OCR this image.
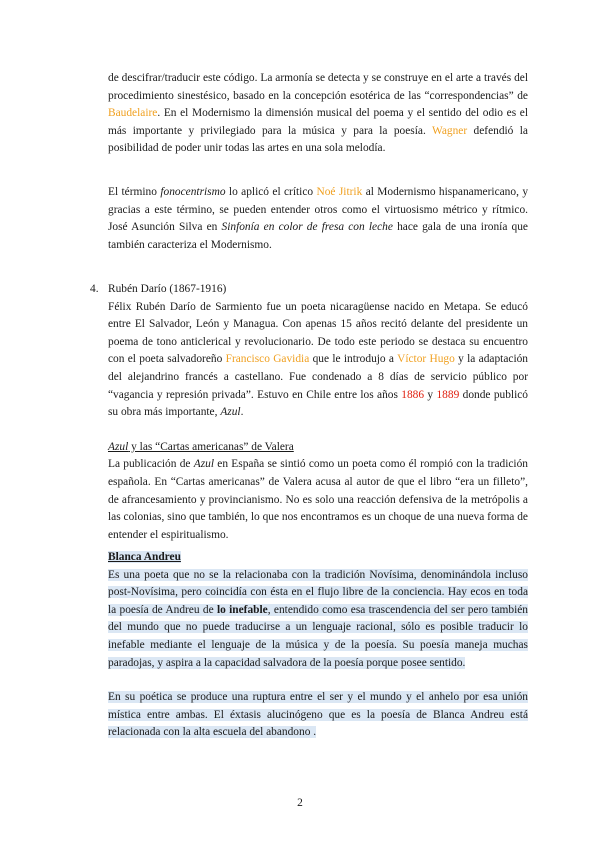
de descifrar/traducir este código. La armonía se detecta y se construye en el arte a través del procedimiento sinestésico, basado en la concepción esotérica de las “correspondencias” de Baudelaire. En el Modernismo la dimensión musical del poema y el sentido del odio es el más importante y privilegiado para la música y para la poesía. Wagner defendió la posibilidad de poder unir todas las artes en una sola melodía.

El término fonocentrismo lo aplicó el crítico Noé Jitrik al Modernismo hispanamericano, y gracias a este término, se pueden entender otros como el virtuosismo métrico y rítmico. José Asunción Silva en Sinfonía en color de fresa con leche hace gala de una ironía que también caracteriza el Modernismo.

4. Rubén Darío (1867-1916)

Félix Rubén Darío de Sarmiento fue un poeta nicaragüense nacido en Metapa. Se educó entre El Salvador, León y Managua. Con apenas 15 años recitó delante del presidente un poema de tono anticlerical y revolucionario. De todo este periodo se destaca su encuentro con el poeta salvadoreño Francisco Gavidia que le introdujo a Víctor Hugo y la adaptación del alejandrino francés a castellano. Fue condenado a 8 días de servicio público por “vagancia y represión privada”. Estuvo en Chile entre los años 1886 y 1889 donde publicó su obra más importante, Azul.

Azul y las “Cartas americanas” de Valera

La publicación de Azul en España se sintió como un poeta como él rompió con la tradición española. En “Cartas americanas” de Valera acusa al autor de que el libro “era un filleto”, de afrancesamiento y provincianismo. No es solo una reacción defensiva de la metrópolis a las colonias, sino que también, lo que nos encontramos es un choque de una nueva forma de entender el espiritualismo.

Blanca Andreu

Es una poeta que no se la relacionaba con la tradición Novísima, denominándola incluso post-Novísima, pero coincidía con ésta en el flujo libre de la conciencia. Hay ecos en toda la poesía de Andreu de lo inefable, entendido como esa trascendencia del ser pero también del mundo que no puede traducirse a un lenguaje racional, sólo es posible traducir lo inefable mediante el lenguaje de la música y de la poesía. Su poesía maneja muchas paradojas, y aspira a la capacidad salvadora de la poesía porque posee sentido.

En su poética se produce una ruptura entre el ser y el mundo y el anhelo por esa unión mística entre ambas. El éxtasis alucinógeno que es la poesía de Blanca Andreu está relacionada con la alta escuela del abandono .

2
